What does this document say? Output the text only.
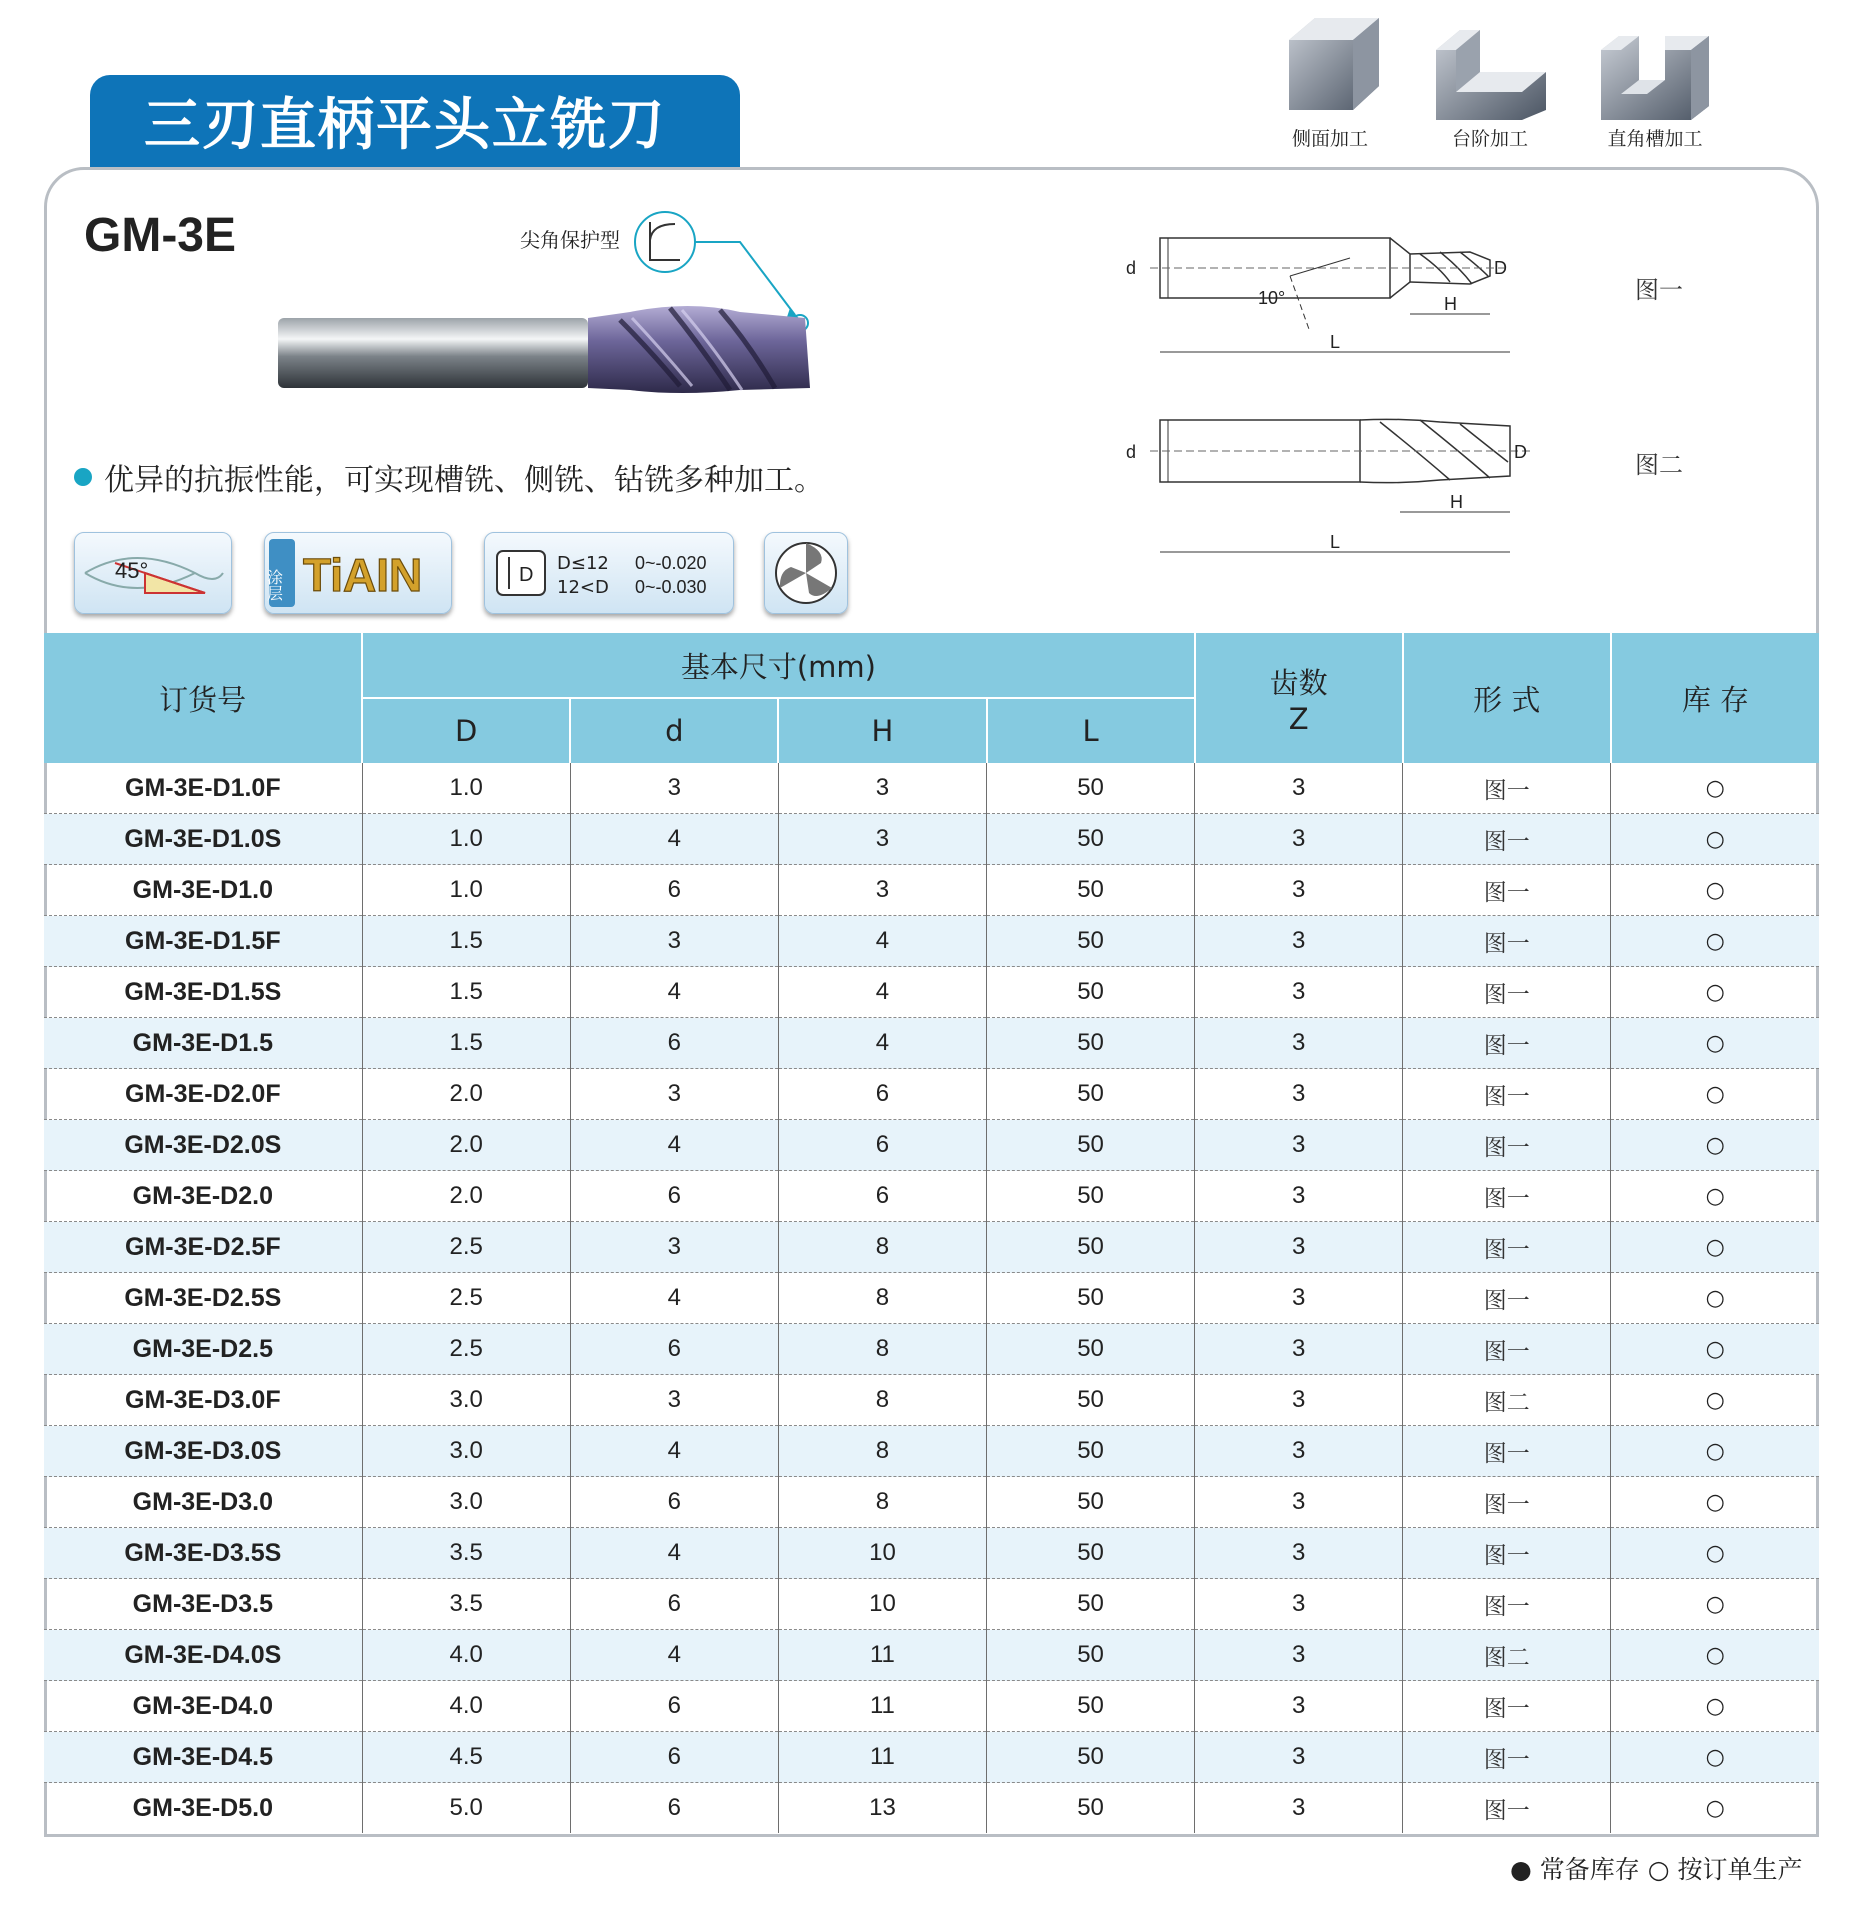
三刃直柄平头立铣刀	侧面加工	台阶加工	直角槽加工
GM-3E	尖角保护型
优异的抗振性能，可实现槽铣、侧铣、钻铣多种加工。
45°	涂层 TiAIN	D
D≤12 0~-0.020
12<D 0~-0.030
10°
d	D
H
L
d	D
H
L
图一
图二
订货号	基本尺寸(mm)				齿数
Z	形 式	库 存
	D	d	H	L			
GM-3E-D1.0F	1.0	3	3	50	3	图一	○
GM-3E-D1.0S	1.0	4	3	50	3	图一	○
GM-3E-D1.0	1.0	6	3	50	3	图一	○
GM-3E-D1.5F	1.5	3	4	50	3	图一	○
GM-3E-D1.5S	1.5	4	4	50	3	图一	○
GM-3E-D1.5	1.5	6	4	50	3	图一	○
GM-3E-D2.0F	2.0	3	6	50	3	图一	○
GM-3E-D2.0S	2.0	4	6	50	3	图一	○
GM-3E-D2.0	2.0	6	6	50	3	图一	○
GM-3E-D2.5F	2.5	3	8	50	3	图一	○
GM-3E-D2.5S	2.5	4	8	50	3	图一	○
GM-3E-D2.5	2.5	6	8	50	3	图一	○
GM-3E-D3.0F	3.0	3	8	50	3	图二	○
GM-3E-D3.0S	3.0	4	8	50	3	图一	○
GM-3E-D3.0	3.0	6	8	50	3	图一	○
GM-3E-D3.5S	3.5	4	10	50	3	图一	○
GM-3E-D3.5	3.5	6	10	50	3	图一	○
GM-3E-D4.0S	4.0	4	11	50	3	图二	○
GM-3E-D4.0	4.0	6	11	50	3	图一	○
GM-3E-D4.5	4.5	6	11	50	3	图一	○
GM-3E-D5.0	5.0	6	13	50	3	图一	○
● 常备库存 ○ 按订单生产
